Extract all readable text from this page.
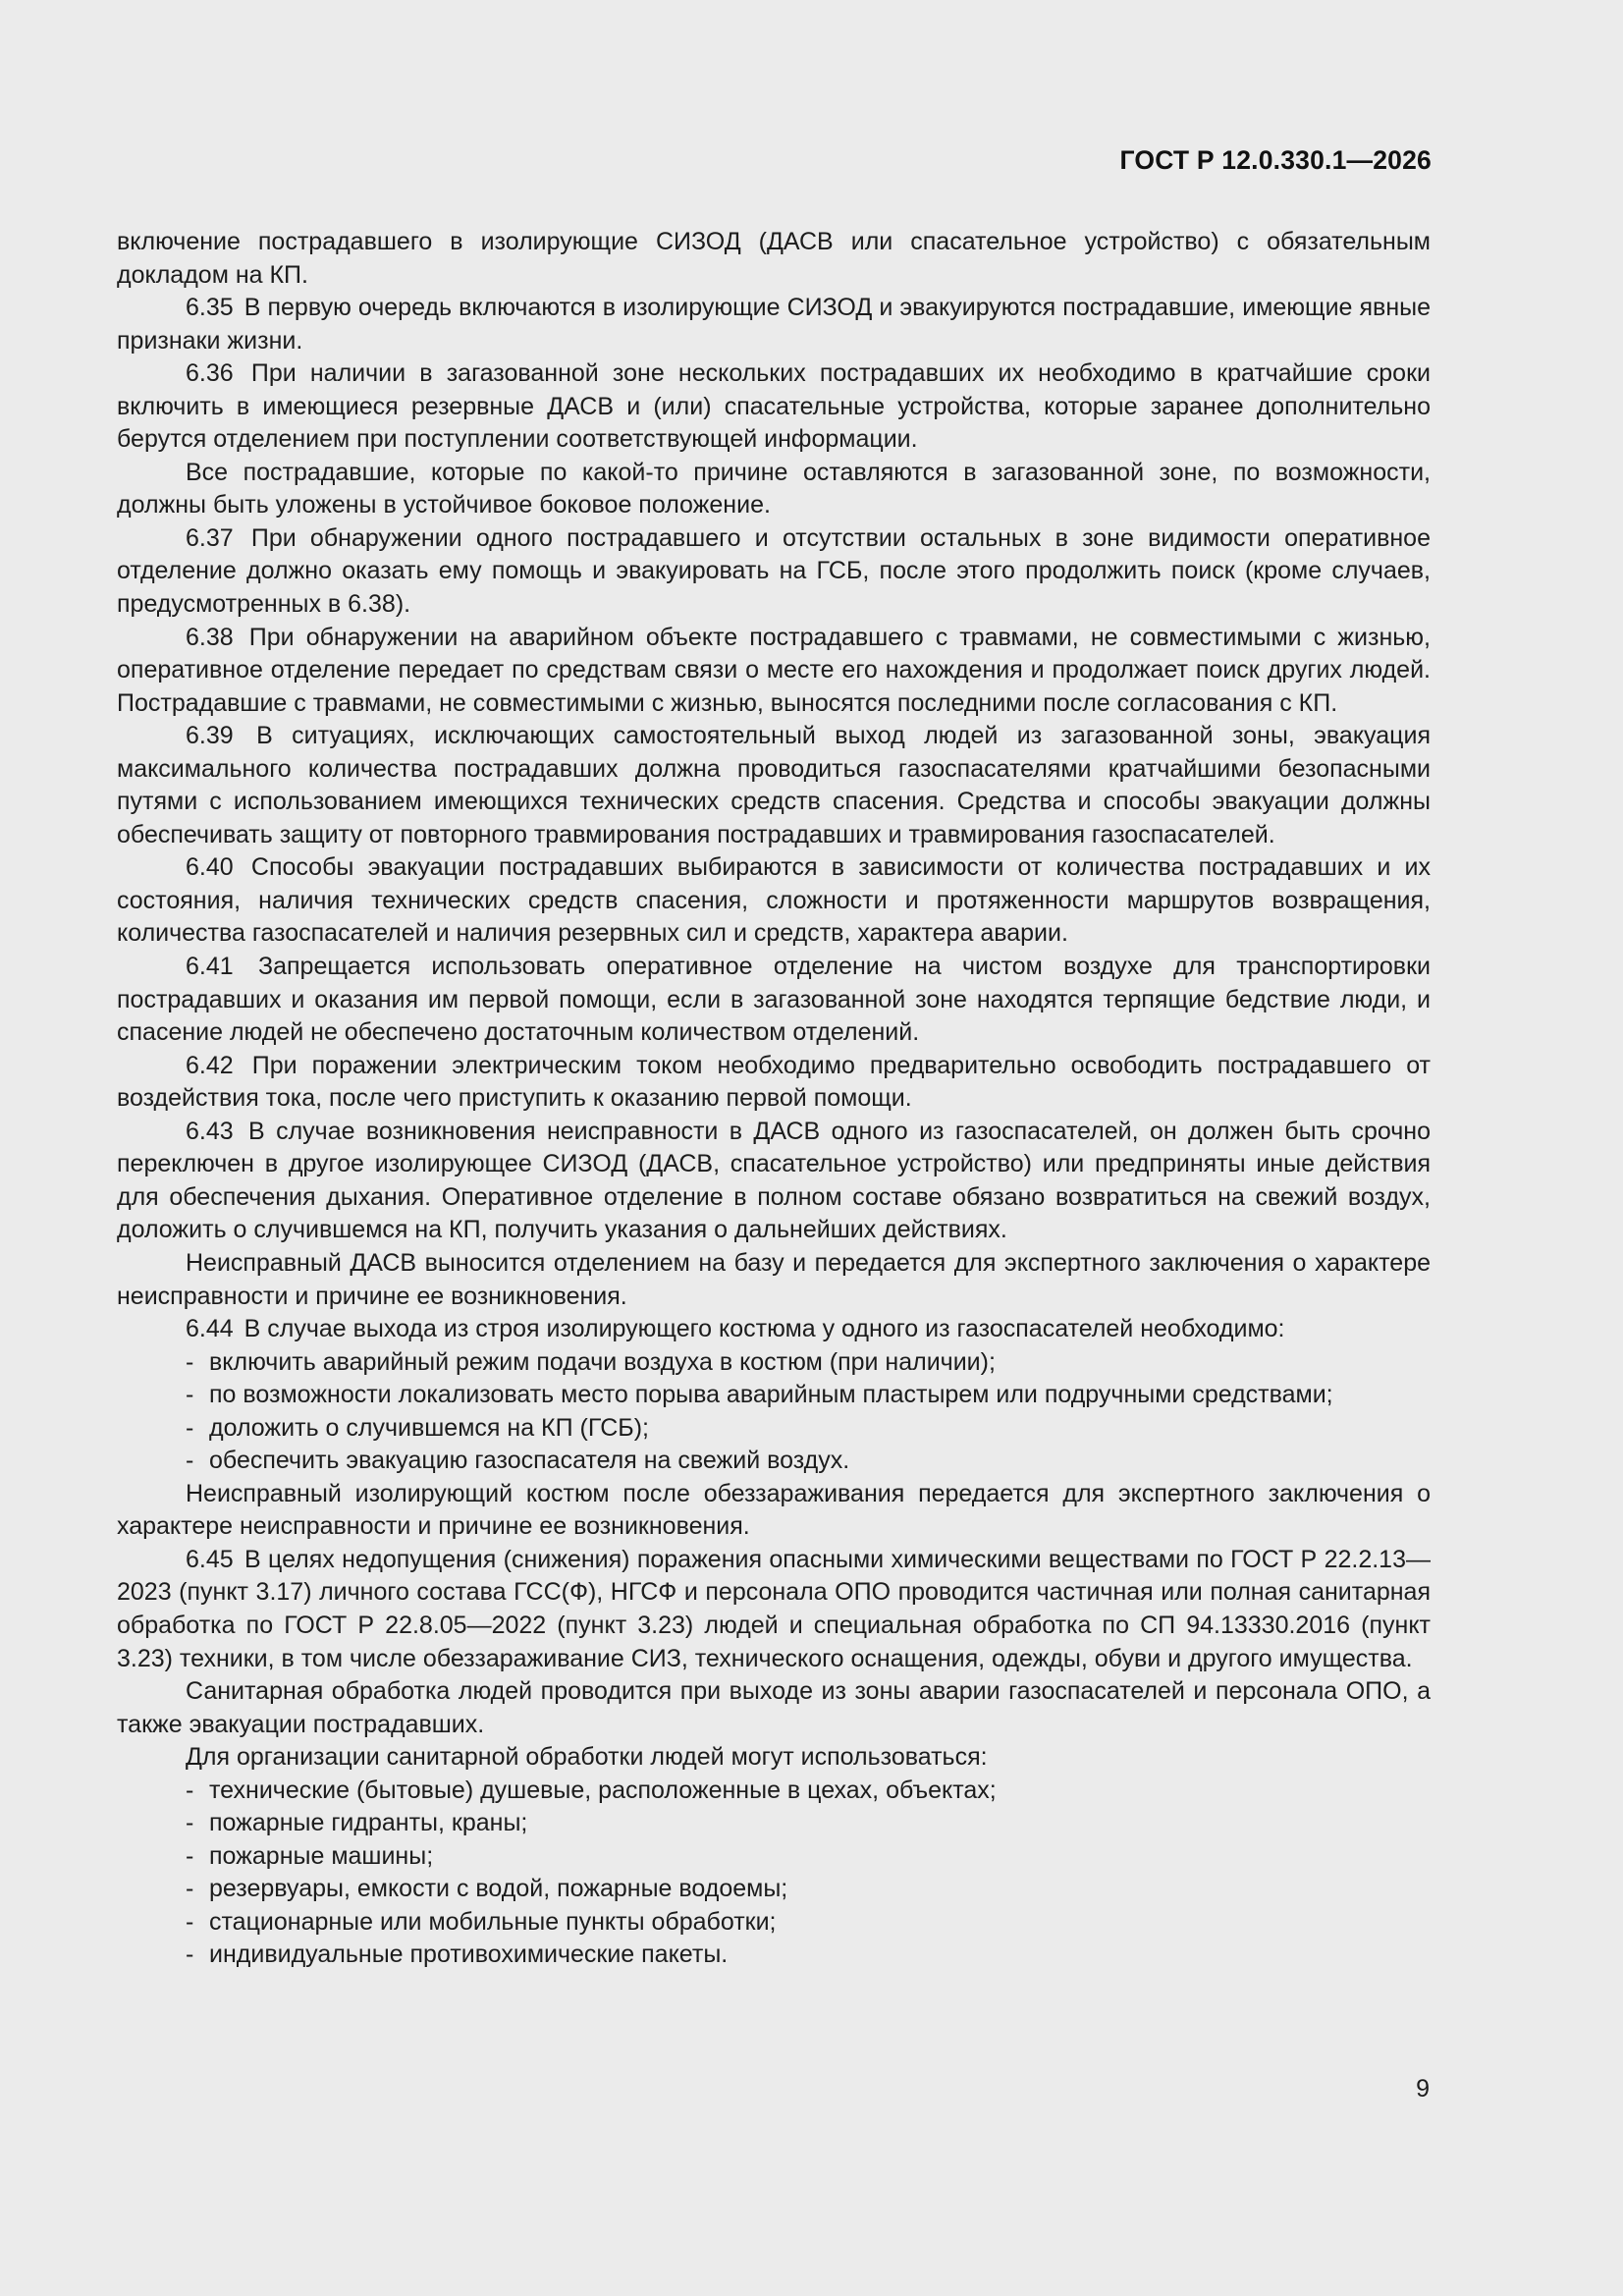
ГОСТ Р 12.0.330.1—2026

включение пострадавшего в изолирующие СИЗОД (ДАСВ или спасательное устройство) с обязательным докладом на КП.

6.35 В первую очередь включаются в изолирующие СИЗОД и эвакуируются пострадавшие, имеющие явные признаки жизни.

6.36 При наличии в загазованной зоне нескольких пострадавших их необходимо в кратчайшие сроки включить в имеющиеся резервные ДАСВ и (или) спасательные устройства, которые заранее дополнительно берутся отделением при поступлении соответствующей информации.

Все пострадавшие, которые по какой-то причине оставляются в загазованной зоне, по возможности, должны быть уложены в устойчивое боковое положение.

6.37 При обнаружении одного пострадавшего и отсутствии остальных в зоне видимости оперативное отделение должно оказать ему помощь и эвакуировать на ГСБ, после этого продолжить поиск (кроме случаев, предусмотренных в 6.38).

6.38 При обнаружении на аварийном объекте пострадавшего с травмами, не совместимыми с жизнью, оперативное отделение передает по средствам связи о месте его нахождения и продолжает поиск других людей. Пострадавшие с травмами, не совместимыми с жизнью, выносятся последними после согласования с КП.

6.39 В ситуациях, исключающих самостоятельный выход людей из загазованной зоны, эвакуация максимального количества пострадавших должна проводиться газоспасателями кратчайшими безопасными путями с использованием имеющихся технических средств спасения. Средства и способы эвакуации должны обеспечивать защиту от повторного травмирования пострадавших и травмирования газоспасателей.

6.40 Способы эвакуации пострадавших выбираются в зависимости от количества пострадавших и их состояния, наличия технических средств спасения, сложности и протяженности маршрутов возвращения, количества газоспасателей и наличия резервных сил и средств, характера аварии.

6.41 Запрещается использовать оперативное отделение на чистом воздухе для транспортировки пострадавших и оказания им первой помощи, если в загазованной зоне находятся терпящие бедствие люди, и спасение людей не обеспечено достаточным количеством отделений.

6.42 При поражении электрическим током необходимо предварительно освободить пострадавшего от воздействия тока, после чего приступить к оказанию первой помощи.

6.43 В случае возникновения неисправности в ДАСВ одного из газоспасателей, он должен быть срочно переключен в другое изолирующее СИЗОД (ДАСВ, спасательное устройство) или предприняты иные действия для обеспечения дыхания. Оперативное отделение в полном составе обязано возвратиться на свежий воздух, доложить о случившемся на КП, получить указания о дальнейших действиях.

Неисправный ДАСВ выносится отделением на базу и передается для экспертного заключения о характере неисправности и причине ее возникновения.

6.44 В случае выхода из строя изолирующего костюма у одного из газоспасателей необходимо:

- включить аварийный режим подачи воздуха в костюм (при наличии);

- по возможности локализовать место порыва аварийным пластырем или подручными средствами;

- доложить о случившемся на КП (ГСБ);

- обеспечить эвакуацию газоспасателя на свежий воздух.

Неисправный изолирующий костюм после обеззараживания передается для экспертного заключения о характере неисправности и причине ее возникновения.

6.45 В целях недопущения (снижения) поражения опасными химическими веществами по ГОСТ Р 22.2.13—2023 (пункт 3.17) личного состава ГСС(Ф), НГСФ и персонала ОПО проводится частичная или полная санитарная обработка по ГОСТ Р 22.8.05—2022 (пункт 3.23) людей и специальная обработка по СП 94.13330.2016 (пункт 3.23) техники, в том числе обеззараживание СИЗ, технического оснащения, одежды, обуви и другого имущества.

Санитарная обработка людей проводится при выходе из зоны аварии газоспасателей и персонала ОПО, а также эвакуации пострадавших.

Для организации санитарной обработки людей могут использоваться:

- технические (бытовые) душевые, расположенные в цехах, объектах;

- пожарные гидранты, краны;

- пожарные машины;

- резервуары, емкости с водой, пожарные водоемы;

- стационарные или мобильные пункты обработки;

- индивидуальные противохимические пакеты.

9
